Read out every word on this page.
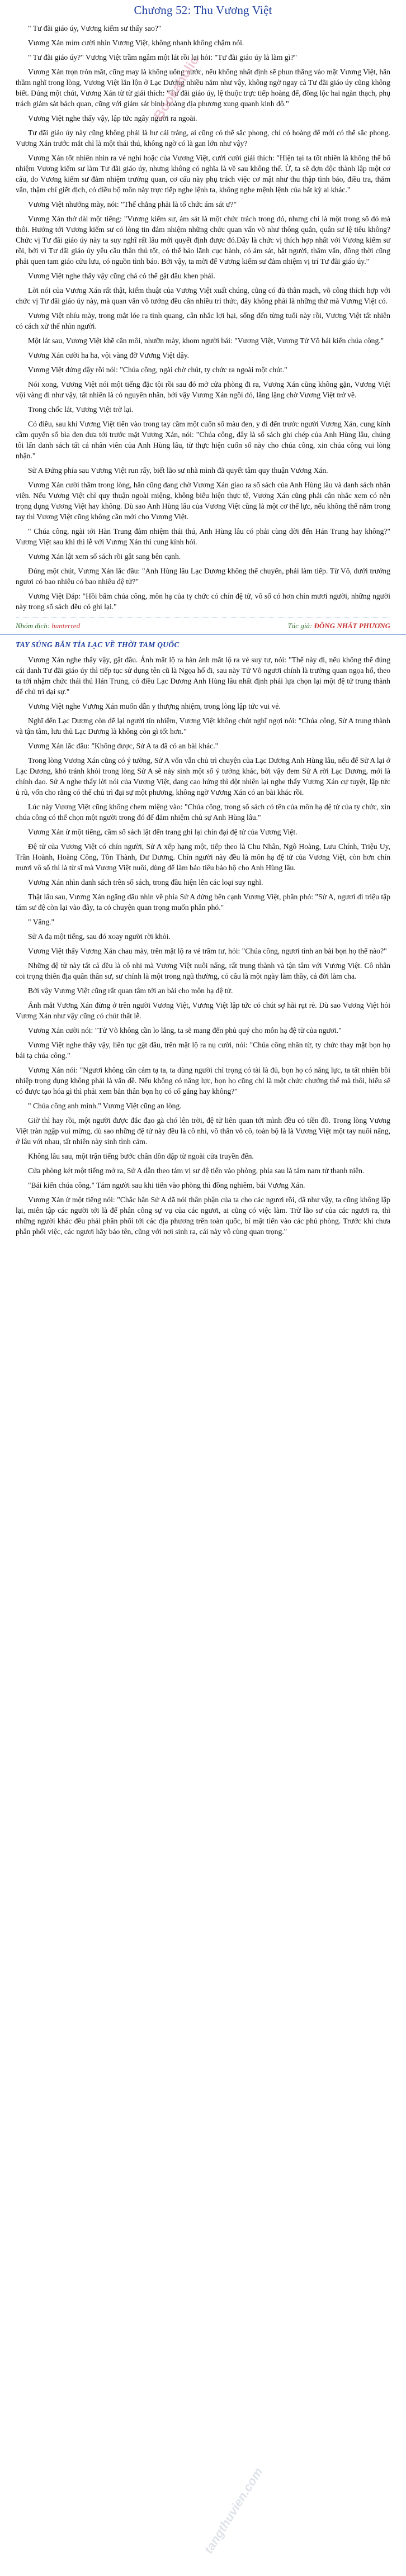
Bookaholic
tangthuvien.com
Chương 52: Thu Vương Việt

" Tư đãi giáo úy, Vương kiếm sư thấy sao?"

Vương Xán mỉm cười nhìn Vương Việt, không nhanh không chậm nói.

" Tư đãi giáo úy?" Vương Việt trầm ngâm một lát rồi lại hỏi: "Tư đãi giáo úy là làm gì?"

Vương Xán trọn tròn mắt, cũng may là không uống nước, nếu không nhất định sẽ phun thẳng vào mặt Vương Việt, hắn thầm nghĩ trong lòng, Vương Việt lăn lộn ở Lạc Dương nhiều năm như vậy, không ngờ ngay cả Tư đãi giáo úy cũng không biết. Đúng một chút, Vương Xán từ từ giải thích: "Tư đãi giáo úy, lệ thuộc trực tiếp hoàng đế, đồng lộc hai ngàn thạch, phụ trách giám sát bách quan, cũng với giám sát binh hoàng địa phương xung quanh kinh đô."

Vương Việt nghe thấy vậy, lập tức ngây người ra ngoài.

Tư đãi giáo úy này cũng không phải là hư cái tráng, ai cũng có thể sắc phong, chỉ có hoàng đế mới có thể sắc phong. Vương Xán trước mắt chỉ là một thái thú, không ngờ có là gan lớn như vậy?

Vương Xán tốt nhiên nhìn ra vẻ nghi hoặc của Vương Việt, cười cười giải thích: "Hiện tại ta tốt nhiên là không thể bổ nhiệm Vương kiếm sư làm Tư đãi giáo úy, nhưng không có nghĩa là về sau không thể. Ừ, ta sẽ đợn độc thành lập một cơ cấu, do Vương kiếm sư đảm nhiệm trưởng quan, cơ cấu này phụ trách việc cơ mật như thu thập tình báo, điều tra, thăm vấn, thậm chí giết địch, có điều bộ môn này trực tiếp nghe lệnh ta, không nghe mệnh lệnh của bất kỳ ai khác."

Vương Việt nhướng mày, nói: "Thế chẳng phải là tổ chức ám sát ư?"

Vương Xán thở dài một tiếng: "Vương kiếm sư, ám sát là một chức trách trong đó, nhưng chỉ là một trong số đó mà thôi. Hướng tới Vương kiếm sư có lòng tin đảm nhiệm những chức quan vấn võ như thông quân, quân sư lệ tiêu không? Chức vị Tư đãi giáo úy này ta suy nghĩ rất lâu mới quyết định được đó.Đây là chức vị thích hợp nhất với Vương kiếm sư rồi, bởi vì Tư đãi giáo úy yêu cầu thân thủ tốt, có thể bảo lãnh cục hành, có ám sát, bắt người, thăm vấn, đồng thời cũng phải quen tam giáo cửu lưu, có nguồn tình báo. Bởi vậy, ta mời để Vương kiếm sư đảm nhiệm vị trí Tư đãi giáo úy."

Vương Việt nghe thấy vậy cũng chả có thể gật đầu khen phải.

Lời nói của Vương Xán rất thật, kiếm thuật của Vương Việt xuất chúng, cũng có đủ thân mạch, võ công thích hợp với chức vị Tư đãi giáo úy này, mà quan văn võ tướng đều cần nhiều tri thức, đây không phải là những thứ mà Vương Việt có.

Vương Việt nhíu mày, trong mắt lóe ra tinh quang, cân nhắc lợi hại, sống đến từng tuổi này rồi, Vương Việt tất nhiên có cách xử thế nhìn người.

Một lát sau, Vương Việt khẽ cắn môi, nhưỡn mày, khom người bái: "Vương Việt, Vương Tử Võ bái kiến chúa công."

Vương Xán cười ha ha, vội vàng đỡ Vương Việt dậy.

Vương Việt đứng dậy rồi nói: "Chúa công, ngài chờ chút, ty chức ra ngoài một chút."

Nói xong, Vương Việt nói một tiếng đặc tội rồi sau đó mở cửa phòng đi ra, Vương Xán cũng không gặn, Vương Việt vội vàng đi như vậy, tất nhiên là có nguyên nhân, bởi vậy Vương Xán ngồi đó, lẳng lặng chờ Vương Việt trở về.

Trong chốc lát, Vương Việt trở lại.

Có điều, sau khi Vương Việt tiến vào trong tay cầm một cuốn sổ màu đen, y đi đến trước người Vương Xán, cung kính cầm quyển sổ bìa đen đưa tới trước mặt Vương Xán, nói: "Chúa công, đây là sổ sách ghi chép của Anh Hùng lâu, chúng tôi lấn danh sách tất cả nhân viên của Anh Hùng lâu, từ thực hiện cuốn sổ này cho chúa công, xin chúa công vui lòng nhận."

Sử A Đứng phía sau Vương Việt run rẩy, biết lão sư nhà mình đã quyết tâm quy thuận Vương Xán.

Vương Xán cười thầm trong lòng, hắn cũng đang chờ Vương Xán giao ra sổ sách của Anh Hùng lâu và danh sách nhân viên. Nếu Vương Việt chỉ quy thuận ngoài miệng, không biểu hiện thực tế, Vương Xán cũng phải cân nhắc xem có nên trọng dụng Vương Việt hay không. Dù sao Anh Hùng lâu của Vương Việt cũng là một cơ thế lực, nếu không thể nắm trong tay thì Vương Việt cũng không cần mới cho Vương Việt.

" Chúa công, ngài tới Hàn Trung đảm nhiệm thái thú, Anh Hùng lâu có phải cùng dời đến Hán Trung hay không?" Vương Việt sau khi thì lễ với Vương Xán thì cung kính hỏi.

Vương Xán lật xem sổ sách rồi gật sang bên cạnh.

Đúng một chút, Vương Xán lắc đầu: "Anh Hùng lâu Lạc Dương không thể chuyển, phải làm tiếp. Từ Võ, dưới trướng ngươi có bao nhiêu có bao nhiêu đệ tử?"

Vương Việt Đáp: "Hồi bẩm chúa công, môn hạ của ty chức có chín đệ tử, vô số có hơn chín mươi người, những người này trong số sách đều có ghi lại."

Nhóm dịch: hunterred	Tác giả: ĐỒNG NHẤT PHƯƠNG
TAY SÚNG BẮN TỈA LẠC VỀ THỜI TAM QUỐC

Vương Xán nghe thấy vậy, gật đầu. Ánh mắt lộ ra hàn ánh mắt lộ ra vẻ suy tư, nói: "Thế này đi, nếu không thể đúng cái danh Tư đãi giáo úy thì tiếp tục sử dụng tên cũ là Ngọa hổ đi, sau này Tử Võ ngươi chính là trưởng quan ngọa hổ, theo ta tới nhậm chức thái thú Hán Trung, có điều Lạc Dương Anh Hùng lâu nhất định phải lựa chọn lại một đệ tử trung thành để chủ trì đại sự."

Vương Việt nghe Vương Xán muốn dẫn y thượng nhiệm, trong lòng lập tức vui vẻ.

Nghĩ đến Lạc Dương còn để lại người tín nhiệm, Vương Việt không chút nghĩ ngợi nói: "Chúa công, Sử A trung thành và tận tâm, lưu thủ Lạc Dương là không còn gì tốt hơn."

Vương Xán lắc đầu: "Không được, Sử A ta đã có an bài khác."

Trong lòng Vương Xán cũng có ý tưởng, Sử A vốn vẫn chủ trì chuyện của Lạc Dương Anh Hùng lâu, nếu để Sử A lại ở Lạc Dương, khó tránh khỏi trong lòng Sử A sẽ nảy sinh một số ý tưởng khác, bởi vậy đem Sử A rời Lạc Dương, mới là chính đạo. Sử A nghe thấy lời nói của Vương Việt, đang cao hứng thì đột nhiên lại nghe thấy Vương Xán cự tuyệt, lập tức ủ rũ, vốn cho rằng có thể chủ trì đại sự một phương, không ngờ Vương Xán có an bài khác rồi.

Lúc này Vương Việt cũng không chem miệng vào: "Chúa công, trong số sách có tên của môn hạ đệ tử của ty chức, xin chúa công có thể chọn một người trong đó đế đảm nhiệm chủ sự Anh Hùng lâu."

Vương Xán ừ một tiếng, cầm số sách lật đến trang ghi lại chín đại đệ tử của Vương Việt.

Đệ tử của Vương Việt có chín người, Sử A xếp hạng một, tiếp theo là Chu Nhân, Ngô Hoàng, Lưu Chính, Triệu Uy, Trần Hoành, Hoàng Công, Tôn Thành, Dư Dương. Chín người này đều là môn hạ đệ tử của Vương Việt, còn hơn chín mươi vô số thì là từ sĩ mà Vương Việt nuôi, dùng để làm bảo tiêu bảo hộ cho Anh Hùng lâu.

Vương Xán nhìn danh sách trên sổ sách, trong đầu hiện lên các loại suy nghĩ.

Thật lâu sau, Vương Xán ngẩng đầu nhìn về phía Sử A đứng bên cạnh Vương Việt, phân phó: "Sử A, ngươi đi triệu tập tám sư đệ còn lại vào đây, ta có chuyện quan trọng muốn phân phó."

" Vâng."

Sử A đạ một tiếng, sau đó xoay người rời khỏi.

Vương Việt thấy Vương Xán chau mày, trên mặt lộ ra vẻ trầm tư, hỏi: "Chúa công, ngươi tính an bài bọn họ thế nào?"

Những đệ tử này tất cả đều là cô nhi mà Vương Việt nuôi nấng, rất trung thành và tận tâm với Vương Việt. Cô nhân coi trọng thiên địa quân thân sư, sư chính là một trong ngũ thường, có câu là một ngày làm thầy, cả đời làm cha.

Bởi vậy Vương Việt cũng rất quan tâm tới an bài cho môn hạ đệ tử.

Ánh mắt Vương Xán đừng ở trên người Vương Việt, Vương Việt lập tức có chút sợ hãi rụt rè. Dù sao Vương Việt hỏi Vương Xán như vậy cũng có chút thất lễ.

Vương Xán cười nói: "Tử Võ không cần lo lắng, ta sẽ mang đến phủ quý cho môn hạ đệ tử của ngươi."

Vương Việt nghe thấy vậy, liên tục gật đầu, trên mặt lộ ra nụ cười, nói: "Chúa công nhân từ, ty chức thay mặt bọn họ bái tạ chúa công."

Vương Xán nói: "Ngươi không cần cảm tạ ta, ta dùng người chỉ trọng có tài là đủ, bọn họ có năng lực, ta tất nhiên bồi nhiệp trọng dụng không phải là vấn đề. Nếu không có năng lực, bọn họ cũng chỉ là một chức chưởng thế mà thôi, hiểu sẽ có được tạo hóa gì thì phải xem bản thân bọn họ có cố gắng hay không?"

" Chúa công anh minh." Vương Việt cũng an lòng.

Giờ thì hay rồi, một người được đắc đạo gà chó lên trời, đệ tử liên quan tới mình đều có tiền đồ. Trong lòng Vương Việt tràn ngập vui mừng, dù sao những đệ tử này đều là cô nhi, vô thân vô cô, toàn bộ là là Vương Việt một tay nuôi nấng, ở lâu với nhau, tất nhiên này sinh tình cảm.

Không lâu sau, một trận tiếng bước chân dồn dập từ ngoài cửa truyền đến.

Cửa phòng két một tiếng mở ra, Sử A dẫn theo tám vị sư đệ tiến vào phòng, phía sau là tám nam tử thanh niên.

"Bái kiến chúa công." Tám người sau khi tiến vào phòng thì đồng nghiêm, bái Vương Xán.

Vương Xán ừ một tiếng nói: "Chắc hẳn Sử A đã nói thân phận của ta cho các ngươi rồi, đã như vậy, ta cũng không lập lại, miên tập các người tới là để phân công sự vụ của các ngươi, ai cũng có việc làm. Trừ lão sư của các ngươi ra, thì những người khác đều phải phân phối tới các địa phương trên toàn quốc, bí mật tiến vào các phủ phòng. Trước khi chưa phân phối việc, các ngươi hãy báo tên, cũng với nơi sinh ra, cái này vô cùng quan trọng."
